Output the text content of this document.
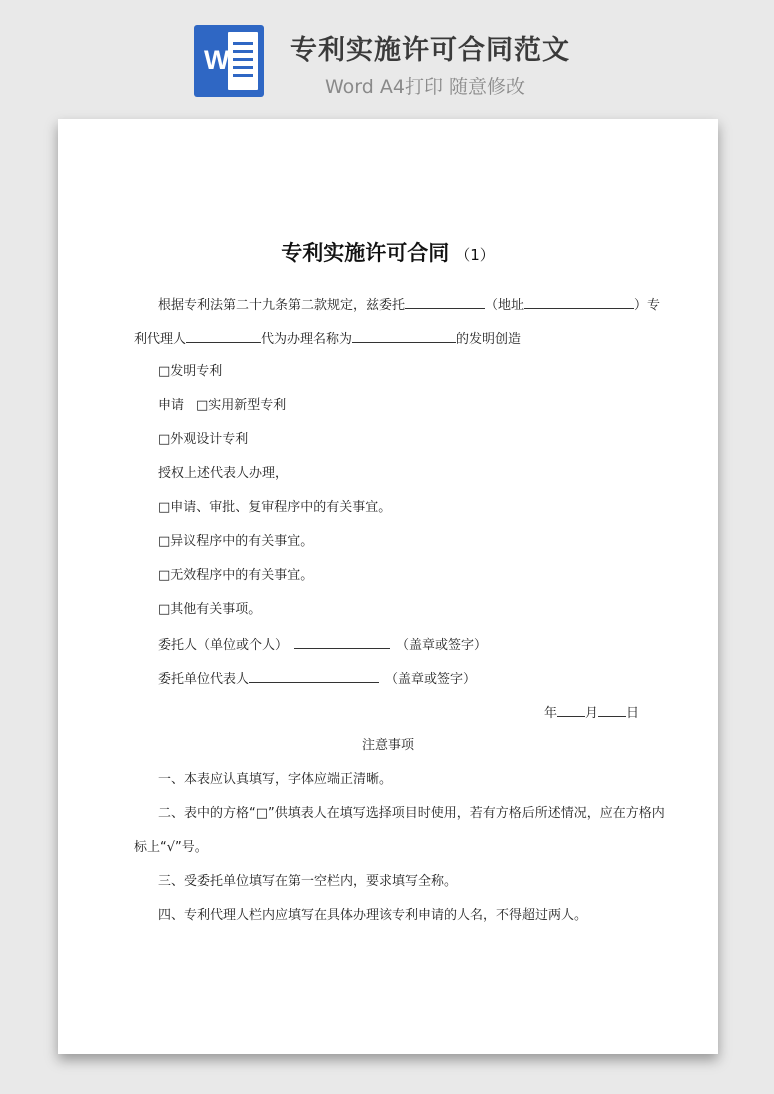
W 专利实施许可合同范文
Word A4打印 随意修改
专利实施许可合同 （1）
根据专利法第二十九条第二款规定，兹委托	（地址	）专
利代理人	代为办理名称为	的发明创造
□发明专利
申请 □实用新型专利
□外观设计专利
授权上述代表人办理，
□申请、审批、复审程序中的有关事宜。
□异议程序中的有关事宜。
□无效程序中的有关事宜。
□其他有关事项。
委托人（单位或个人）	（盖章或签字）
委托单位代表人	（盖章或签字）
年 月 日
注意事项
一、本表应认真填写，字体应端正清晰。
二、表中的方格“□”供填表人在填写选择项目时使用，若有方格后所述情况，应在方格内
标上“√”号。
三、受委托单位填写在第一空栏内，要求填写全称。
四、专利代理人栏内应填写在具体办理该专利申请的人名，不得超过两人。
